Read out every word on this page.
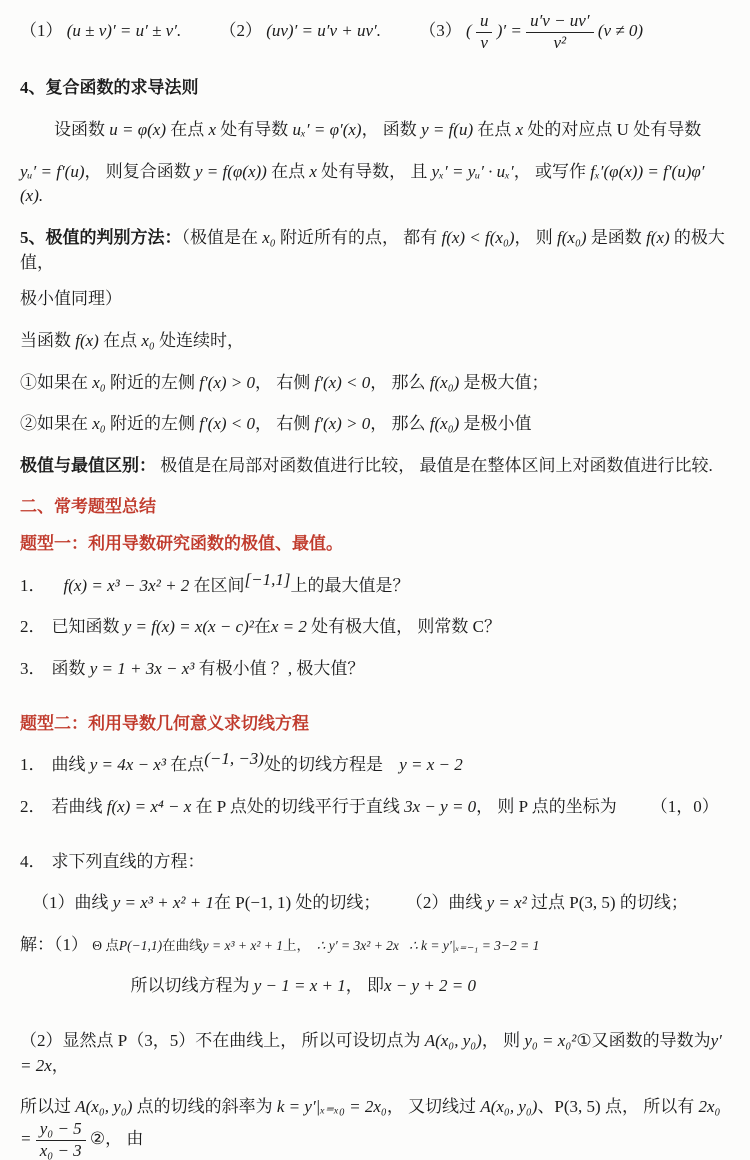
（1） (u ± v)′ = u′ ± v′. （2） (uv)′ = u′v + uv′. （3） ( $\frac{u}{v}$ )′ = $\frac{u'v - uv'}{\text{v²}} (v \ne 0)$
4、复合函数的求导法则
设函数 u = φ(x) 在点 x 处有导数 uₓ′ = φ′(x)， 函数 y = f(u) 在点 x 处的对应点 U 处有导数
yᵤ′ = f′(u)， 则复合函数 y = f(φ(x)) 在点 x 处有导数， 且 yₓ′ = yᵤ′ · uₓ′， 或写作 fₓ′(φ(x)) = f′(u)φ′(x).
5、极值的判别方法：（极值是在 x₀ 附近所有的点， 都有 f(x) < f(x₀)， 则 f(x₀) 是函数 f(x) 的极大值，
极小值同理）
当函数 f(x) 在点 x₀ 处连续时，
①如果在 x₀ 附近的左侧 f′(x) > 0， 右侧 f′(x) < 0， 那么 f(x₀) 是极大值；
②如果在 x₀ 附近的左侧 f′(x) < 0， 右侧 f′(x) > 0， 那么 f(x₀) 是极小值
极值与最值区别： 极值是在局部对函数值进行比较， 最值是在整体区间上对函数值进行比较.
二、常考题型总结
题型一：利用导数研究函数的极值、最值。
1． f(x) = x³ − 3x² + 2 在区间[−1,1]上的最大值是？
2． 已知函数 y = f(x) = x(x − c)²在x = 2 处有极大值， 则常数 C？
3． 函数 y = 1 + 3x − x³ 有极小值 ？, 极大值？
题型二：利用导数几何意义求切线方程
1． 曲线 y = 4x − x³ 在点(−1, −3)处的切线方程是 y = x − 2
2． 若曲线 f(x) = x⁴ − x 在 P 点处的切线平行于直线 3x − y = 0， 则 P 点的坐标为 （1，0）
4． 求下列直线的方程：
（1）曲线 y = x³ + x² + 1在 P(−1, 1) 处的切线； （2）曲线 y = x² 过点 P(3, 5) 的切线；
解：（1） Θ 点P(−1,1)在曲线y = x³ + x² + 1上， ∴ y′ = 3x² + 2x ∴ k = y′|ₓ₌₋₁ = 3−2 = 1
所以切线方程为 y − 1 = x + 1， 即x − y + 2 = 0
（2）显然点 P（3，5）不在曲线上， 所以可设切点为 A(x₀, y₀)， 则 y₀ = x₀²①又函数的导数为y′ = 2x，
所以过 A(x₀, y₀) 点的切线的斜率为 k = y′|ₓ₌ₓ₀ = 2x₀， 又切线过 A(x₀, y₀)、P(3, 5) 点， 所以有 $2x_0 = \frac{\text{y₀ − 5}}{\text{x₀ − 3}}$ ②， 由
